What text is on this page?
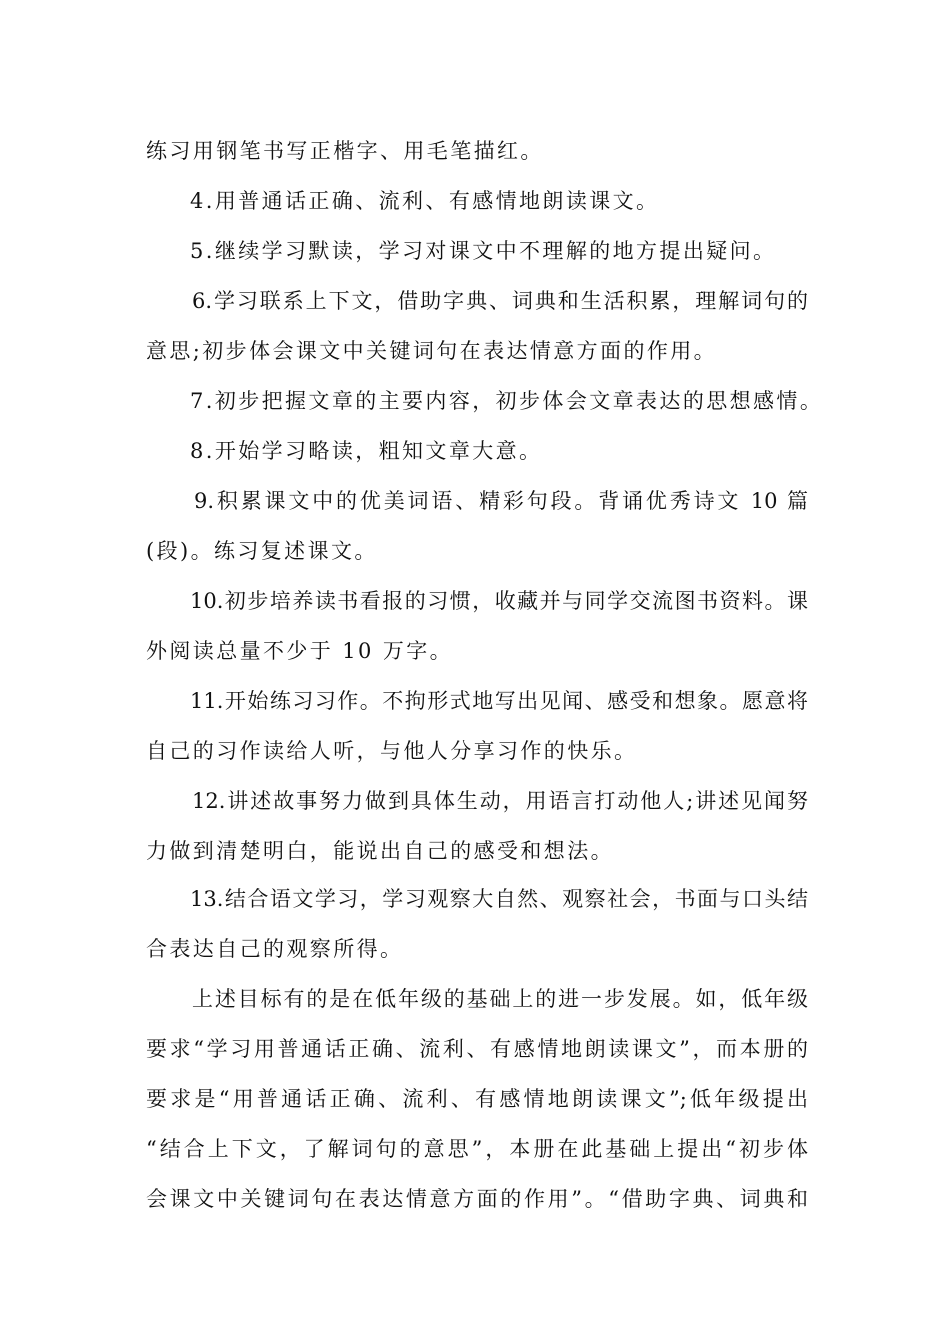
练习用钢笔书写正楷字、用毛笔描红。
4.用普通话正确、流利、有感情地朗读课文。
5.继续学习默读，学习对课文中不理解的地方提出疑问。
6.学习联系上下文，借助字典、词典和生活积累，理解词句的
意思;初步体会课文中关键词句在表达情意方面的作用。
7.初步把握文章的主要内容，初步体会文章表达的思想感情。
8.开始学习略读，粗知文章大意。
9.积累课文中的优美词语、精彩句段。背诵优秀诗文 10 篇
(段)。练习复述课文。
10.初步培养读书看报的习惯，收藏并与同学交流图书资料。课
外阅读总量不少于 10 万字。
11.开始练习习作。不拘形式地写出见闻、感受和想象。愿意将
自己的习作读给人听，与他人分享习作的快乐。
12.讲述故事努力做到具体生动，用语言打动他人;讲述见闻努
力做到清楚明白，能说出自己的感受和想法。
13.结合语文学习，学习观察大自然、观察社会，书面与口头结
合表达自己的观察所得。
上述目标有的是在低年级的基础上的进一步发展。如，低年级
要求“学习用普通话正确、流利、有感情地朗读课文”，而本册的
要求是“用普通话正确、流利、有感情地朗读课文”;低年级提出
“结合上下文，了解词句的意思”，本册在此基础上提出“初步体
会课文中关键词句在表达情意方面的作用”。“借助字典、词典和
